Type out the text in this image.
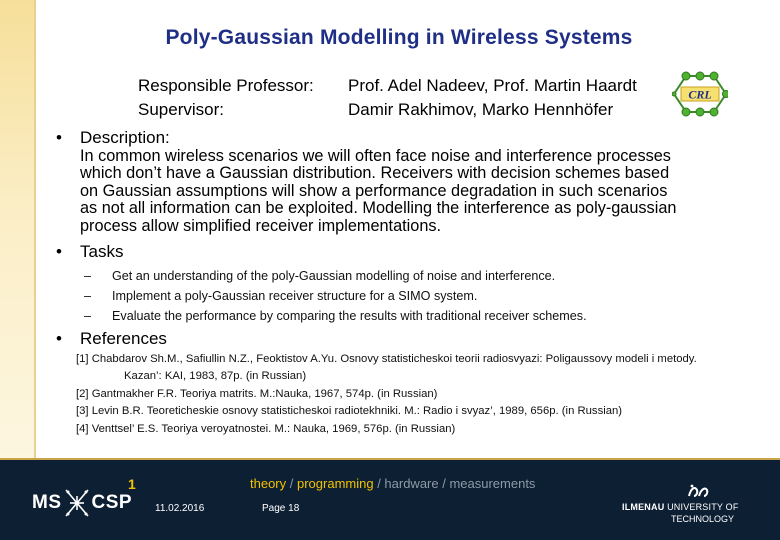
Poly-Gaussian Modelling in Wireless Systems
Responsible Professor:	Prof. Adel Nadeev, Prof. Martin Haardt
Supervisor:	Damir Rakhimov, Marko Hennhöfer
CRL
•	Description:
In common wireless scenarios we will often face noise and interference processes
which don’t have a Gaussian distribution. Receivers with decision schemes based
on Gaussian assumptions will show a performance degradation in such scenarios
as not all information can be exploited. Modelling the interference as poly-gaussian
process allow simplified receiver implementations.
•	Tasks
–	Get an understanding of the poly-Gaussian modelling of noise and interference.
–	Implement a poly-Gaussian receiver structure for a SIMO system.
–	Evaluate the performance by comparing the results with traditional receiver schemes.
•	References
[1] Chabdarov Sh.M., Safiullin N.Z., Feoktistov A.Yu. Osnovy statisticheskoi teorii radiosvyazi: Poligaussovy modeli i metody.
Kazan’: KAI, 1983, 87p. (in Russian)
[2] Gantmakher F.R. Teoriya matrits. M.:Nauka, 1967, 574p. (in Russian)
[3] Levin B.R. Teoreticheskie osnovy statisticheskoi radiotekhniki. M.: Radio i svyaz’, 1989, 656p. (in Russian)
[4] Venttsel’ E.S. Teoriya veroyatnostei. M.: Nauka, 1969, 576p. (in Russian)
MS CSP
1
11.02.2016	Page 18
theory / programming / hardware / measurements
ILMENAU UNIVERSITY OF
TECHNOLOGY
